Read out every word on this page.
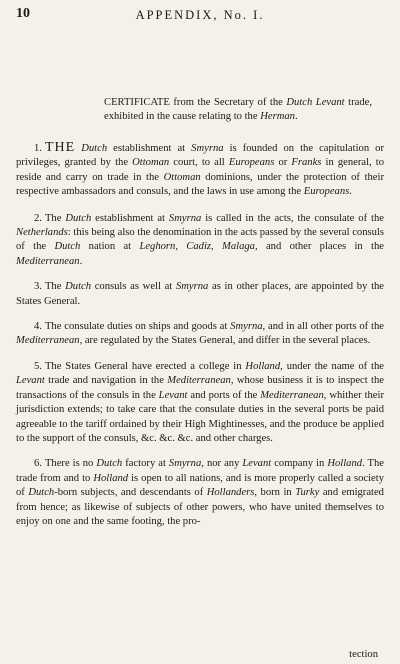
10	APPENDIX, No. I.
CERTIFICATE from the Secretary of the Dutch Levant trade, exhibited in the cause relating to the Herman.

1. THE Dutch establishment at Smyrna is founded on the capitulation or privileges, granted by the Ottoman court, to all Europeans or Franks in general, to reside and carry on trade in the Ottoman dominions, under the protection of their respective ambassadors and consuls, and the laws in use among the Europeans.

2. The Dutch establishment at Smyrna is called in the acts, the consulate of the Netherlands: this being also the denomination in the acts passed by the several consuls of the Dutch nation at Leghorn, Cadiz, Malaga, and other places in the Mediterranean.

3. The Dutch consuls as well at Smyrna as in other places, are appointed by the States General.

4. The consulate duties on ships and goods at Smyrna, and in all other ports of the Mediterranean, are regulated by the States General, and differ in the several places.

5. The States General have erected a college in Holland, under the name of the Levant trade and navigation in the Mediterranean, whose business it is to inspect the transactions of the consuls in the Levant and ports of the Mediterranean, whither their jurisdiction extends; to take care that the consulate duties in the several ports be paid agreeable to the tariff ordained by their High Mightinesses, and the produce be applied to the support of the consuls, &c. &c. &c. and other charges.

6. There is no Dutch factory at Smyrna, nor any Levant company in Holland. The trade from and to Holland is open to all nations, and is more properly called a society of Dutch-born subjects, and descendants of Hollanders, born in Turky and emigrated from hence; as likewise of subjects of other powers, who have united themselves to enjoy on one and the same footing, the pro-

tection
